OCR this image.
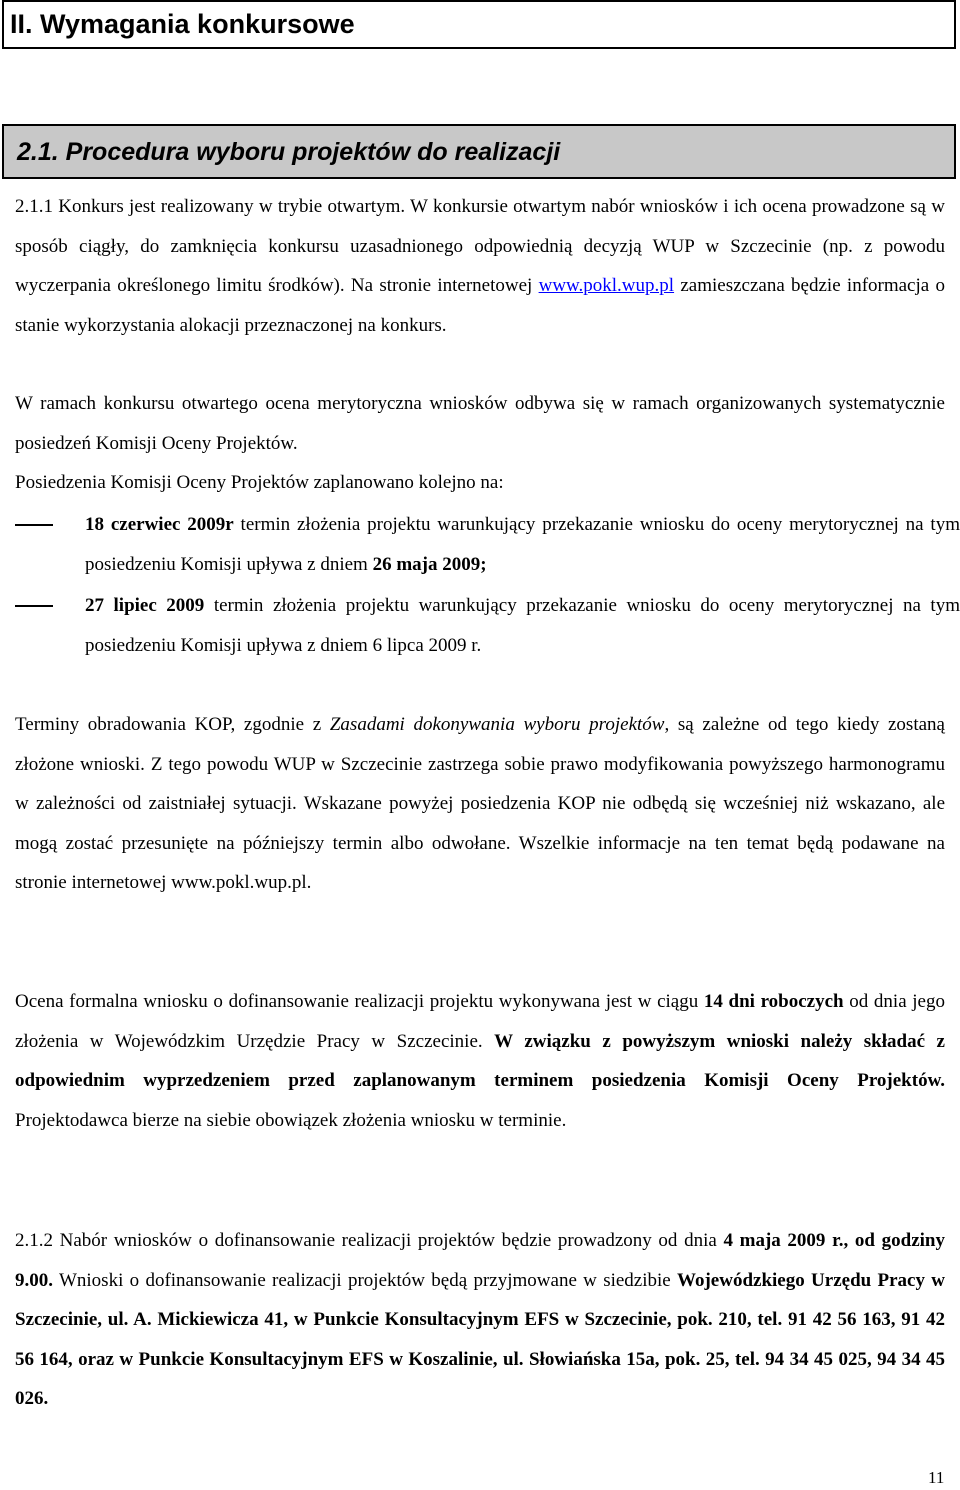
II. Wymagania konkursowe
2.1. Procedura wyboru projektów do realizacji

2.1.1 Konkurs jest realizowany w trybie otwartym. W konkursie otwartym nabór wniosków i ich ocena prowadzone są w sposób ciągły, do zamknięcia konkursu uzasadnionego odpowiednią decyzją WUP w Szczecinie (np. z powodu wyczerpania określonego limitu środków). Na stronie internetowej www.pokl.wup.pl zamieszczana będzie informacja o stanie wykorzystania alokacji przeznaczonej na konkurs.

W ramach konkursu otwartego ocena merytoryczna wniosków odbywa się w ramach organizowanych systematycznie posiedzeń Komisji Oceny Projektów.

Posiedzenia Komisji Oceny Projektów zaplanowano kolejno na:

18 czerwiec 2009r termin złożenia projektu warunkujący przekazanie wniosku do oceny merytorycznej na tym posiedzeniu Komisji upływa z dniem 26 maja 2009;
27 lipiec 2009 termin złożenia projektu warunkujący przekazanie wniosku do oceny merytorycznej na tym posiedzeniu Komisji upływa z dniem 6 lipca 2009 r.

Terminy obradowania KOP, zgodnie z Zasadami dokonywania wyboru projektów, są zależne od tego kiedy zostaną złożone wnioski. Z tego powodu WUP w Szczecinie zastrzega sobie prawo modyfikowania powyższego harmonogramu w zależności od zaistniałej sytuacji. Wskazane powyżej posiedzenia KOP nie odbędą się wcześniej niż wskazano, ale mogą zostać przesunięte na późniejszy termin albo odwołane. Wszelkie informacje na ten temat będą podawane na stronie internetowej www.pokl.wup.pl.

Ocena formalna wniosku o dofinansowanie realizacji projektu wykonywana jest w ciągu 14 dni roboczych od dnia jego złożenia w Wojewódzkim Urzędzie Pracy w Szczecinie. W związku z powyższym wnioski należy składać z odpowiednim wyprzedzeniem przed zaplanowanym terminem posiedzenia Komisji Oceny Projektów. Projektodawca bierze na siebie obowiązek złożenia wniosku w terminie.

2.1.2 Nabór wniosków o dofinansowanie realizacji projektów będzie prowadzony od dnia 4 maja 2009 r., od godziny 9.00. Wnioski o dofinansowanie realizacji projektów będą przyjmowane w siedzibie Wojewódzkiego Urzędu Pracy w Szczecinie, ul. A. Mickiewicza 41, w Punkcie Konsultacyjnym EFS w Szczecinie, pok. 210, tel. 91 42 56 163, 91 42 56 164, oraz w Punkcie Konsultacyjnym EFS w Koszalinie, ul. Słowiańska 15a, pok. 25, tel. 94 34 45 025, 94 34 45 026.

11
